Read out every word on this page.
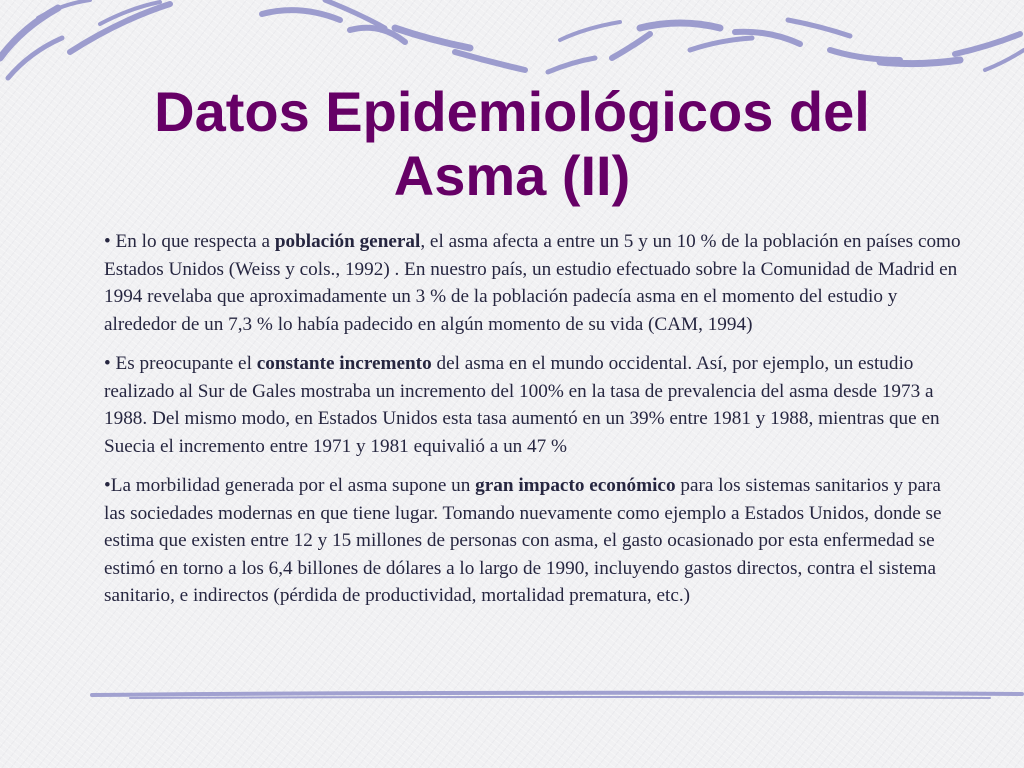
Datos Epidemiológicos del
Asma (II)

• En lo que respecta a población general, el asma afecta a entre un 5 y un 10 % de la población en países como Estados Unidos (Weiss y cols., 1992) . En nuestro país, un estudio efectuado sobre la Comunidad de Madrid en 1994 revelaba que aproximadamente un 3 % de la población padecía asma en el momento del estudio y alrededor de un 7,3 % lo había padecido en algún momento de su vida (CAM, 1994)

• Es preocupante el constante incremento del asma en el mundo occidental. Así, por ejemplo, un estudio realizado al Sur de Gales mostraba un incremento del 100% en la tasa de prevalencia del asma desde 1973 a 1988. Del mismo modo, en Estados Unidos esta tasa aumentó en un 39% entre 1981 y 1988, mientras que en Suecia el incremento entre 1971 y 1981 equivalió a un 47 %

•La morbilidad generada por el asma supone un gran impacto económico para los sistemas sanitarios y para las sociedades modernas en que tiene lugar. Tomando nuevamente como ejemplo a Estados Unidos, donde se estima que existen entre 12 y 15 millones de personas con asma, el gasto ocasionado por esta enfermedad se estimó en torno a los 6,4 billones de dólares a lo largo de 1990, incluyendo gastos directos, contra el sistema sanitario, e indirectos (pérdida de productividad, mortalidad prematura, etc.)
